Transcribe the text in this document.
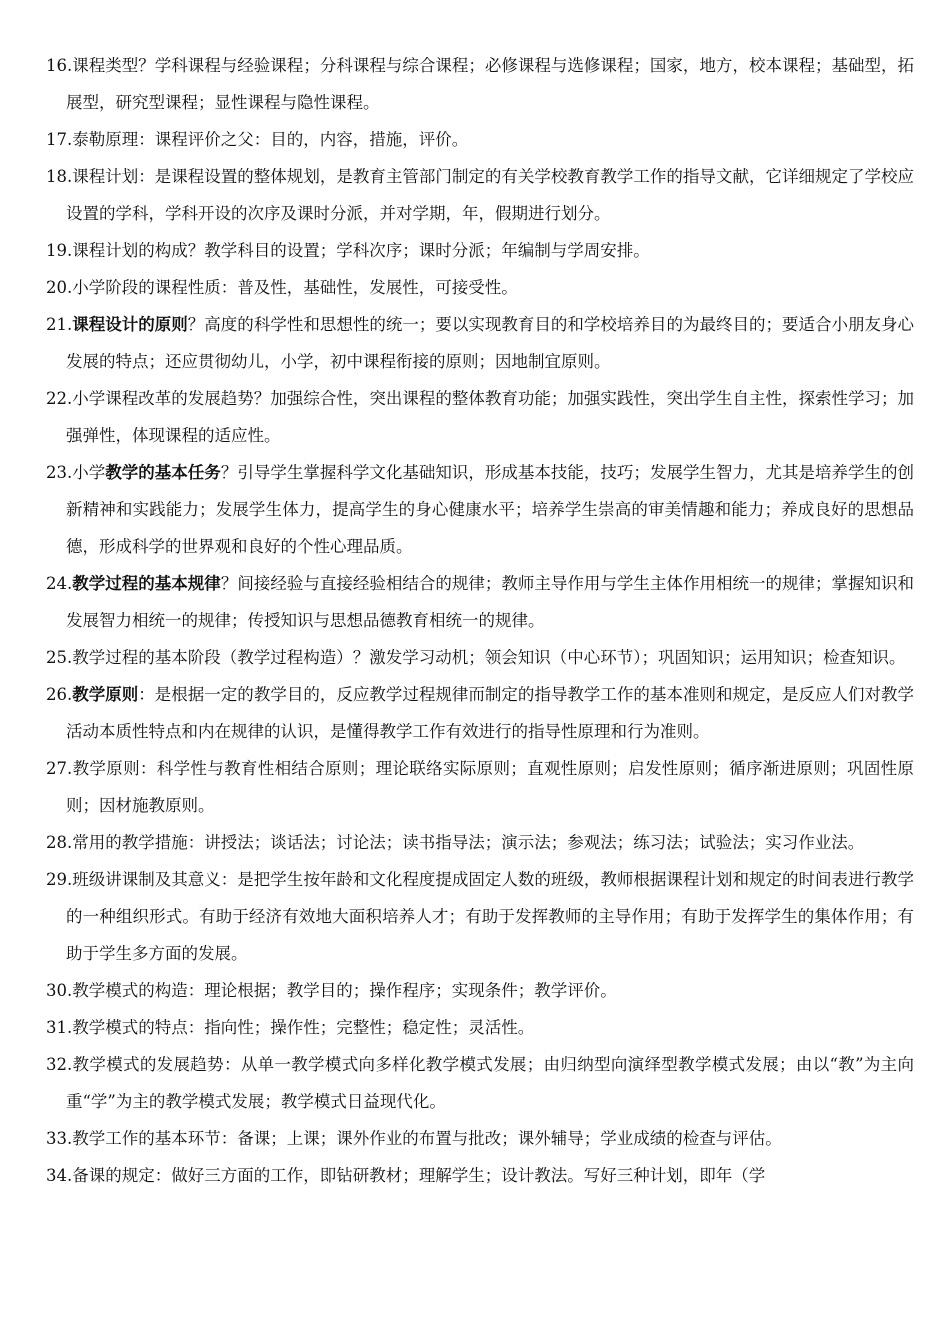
16.课程类型？学科课程与经验课程；分科课程与综合课程；必修课程与选修课程；国家，地方，校本课程；基础型，拓展型，研究型课程；显性课程与隐性课程。
17.泰勒原理：课程评价之父：目的，内容，措施，评价。
18.课程计划：是课程设置的整体规划，是教育主管部门制定的有关学校教育教学工作的指导文献，它详细规定了学校应设置的学科，学科开设的次序及课时分派，并对学期，年，假期进行划分。
19.课程计划的构成？教学科目的设置；学科次序；课时分派；年编制与学周安排。
20.小学阶段的课程性质：普及性，基础性，发展性，可接受性。
21.课程设计的原则？高度的科学性和思想性的统一；要以实现教育目的和学校培养目的为最终目的；要适合小朋友身心发展的特点；还应贯彻幼儿，小学，初中课程衔接的原则；因地制宜原则。
22.小学课程改革的发展趋势？加强综合性，突出课程的整体教育功能；加强实践性，突出学生自主性，探索性学习；加强弹性，体现课程的适应性。
23.小学教学的基本任务？引导学生掌握科学文化基础知识，形成基本技能，技巧；发展学生智力，尤其是培养学生的创新精神和实践能力；发展学生体力，提高学生的身心健康水平；培养学生崇高的审美情趣和能力；养成良好的思想品德，形成科学的世界观和良好的个性心理品质。
24.教学过程的基本规律？间接经验与直接经验相结合的规律；教师主导作用与学生主体作用相统一的规律；掌握知识和发展智力相统一的规律；传授知识与思想品德教育相统一的规律。
25.教学过程的基本阶段（教学过程构造）？激发学习动机；领会知识（中心环节）；巩固知识；运用知识；检查知识。
26.教学原则：是根据一定的教学目的，反应教学过程规律而制定的指导教学工作的基本准则和规定，是反应人们对教学活动本质性特点和内在规律的认识，是懂得教学工作有效进行的指导性原理和行为准则。
27.教学原则：科学性与教育性相结合原则；理论联络实际原则；直观性原则；启发性原则；循序渐进原则；巩固性原则；因材施教原则。
28.常用的教学措施：讲授法；谈话法；讨论法；读书指导法；演示法；参观法；练习法；试验法；实习作业法。
29.班级讲课制及其意义：是把学生按年龄和文化程度提成固定人数的班级，教师根据课程计划和规定的时间表进行教学的一种组织形式。有助于经济有效地大面积培养人才；有助于发挥教师的主导作用；有助于发挥学生的集体作用；有助于学生多方面的发展。
30.教学模式的构造：理论根据；教学目的；操作程序；实现条件；教学评价。
31.教学模式的特点：指向性；操作性；完整性；稳定性；灵活性。
32.教学模式的发展趋势：从单一教学模式向多样化教学模式发展；由归纳型向演绎型教学模式发展；由以“教”为主向重“学”为主的教学模式发展；教学模式日益现代化。
33.教学工作的基本环节：备课；上课；课外作业的布置与批改；课外辅导；学业成绩的检查与评估。
34.备课的规定：做好三方面的工作，即钻研教材；理解学生；设计教法。写好三种计划，即年（学
